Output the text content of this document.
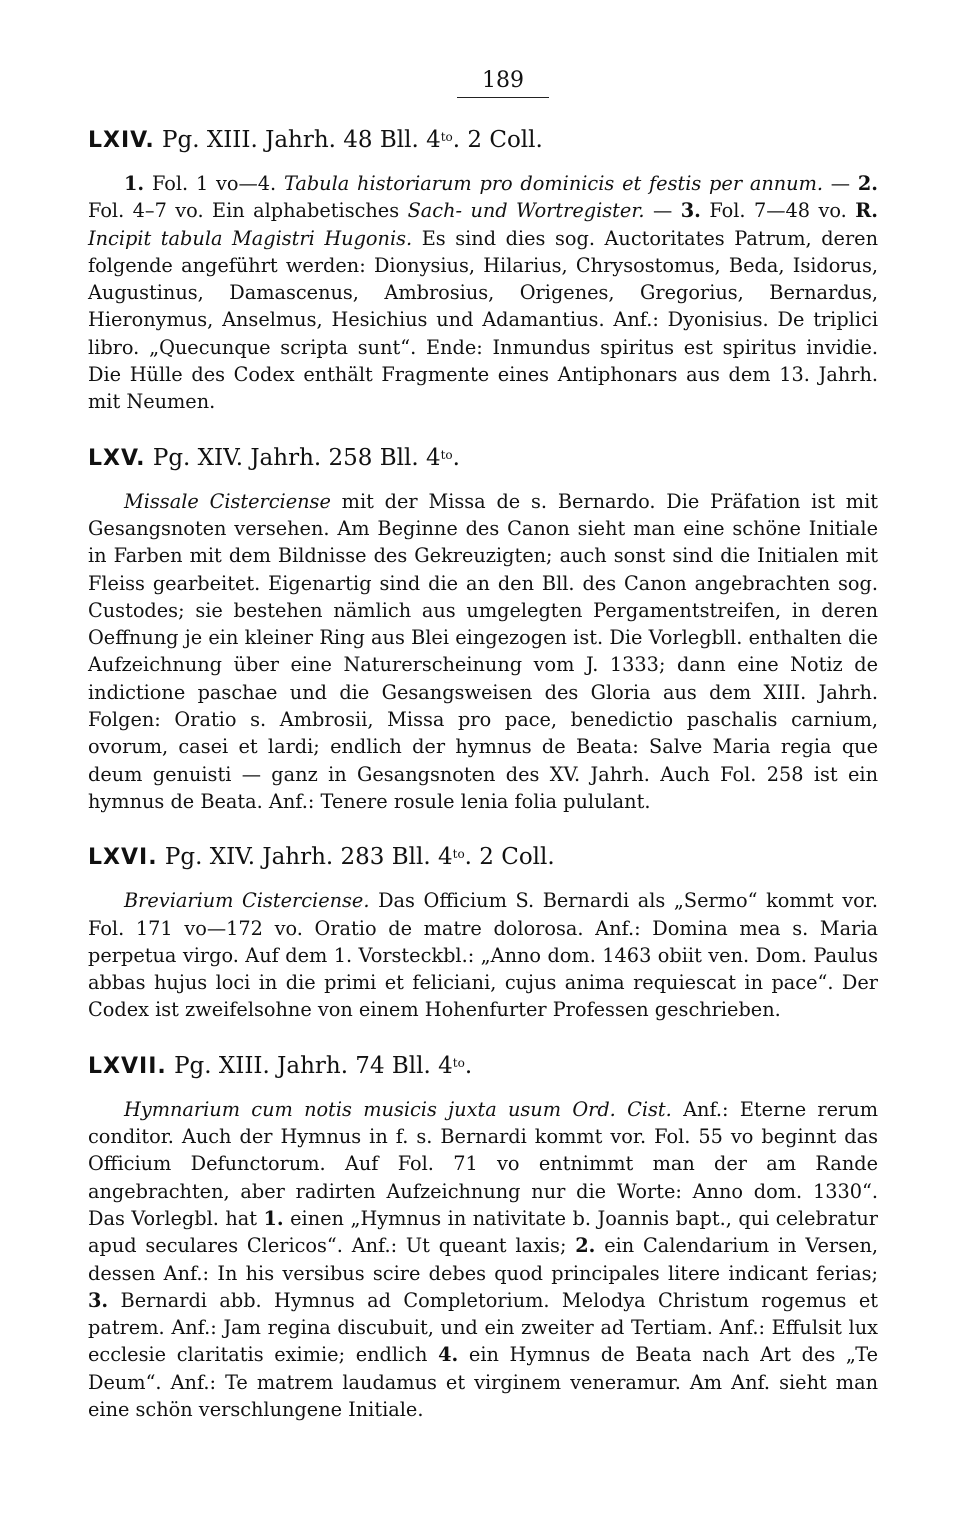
189
LXIV. Pg. XIII. Jahrh. 48 Bll. $4^{to}$. 2 Coll.

1. Fol. 1 vo—4. Tabula historiarum pro dominicis et festis per annum. — 2. Fol. 4–7 vo. Ein alphabetisches Sach- und Wortregister. — 3. Fol. 7—48 vo. R. Incipit tabula Magistri Hugonis. Es sind dies sog. Auctoritates Patrum, deren folgende angeführt werden: Dionysius, Hilarius, Chrysostomus, Beda, Isidorus, Augustinus, Damascenus, Ambrosius, Origenes, Gregorius, Bernardus, Hieronymus, Anselmus, Hesichius und Adamantius. Anf.: Dyonisius. De triplici libro. „Quecunque scripta sunt“. Ende: Inmundus spiritus est spiritus invidie. Die Hülle des Codex enthält Fragmente eines Antiphonars aus dem 13. Jahrh. mit Neumen.

LXV. Pg. XIV. Jahrh. 258 Bll. $4^{to}$.

Missale Cisterciense mit der Missa de s. Bernardo. Die Präfation ist mit Gesangsnoten versehen. Am Beginne des Canon sieht man eine schöne Initiale in Farben mit dem Bildnisse des Gekreuzigten; auch sonst sind die Initialen mit Fleiss gearbeitet. Eigenartig sind die an den Bll. des Canon angebrachten sog. Custodes; sie bestehen nämlich aus umgelegten Pergamentstreifen, in deren Oeffnung je ein kleiner Ring aus Blei eingezogen ist. Die Vorlegbll. enthalten die Aufzeichnung über eine Naturerscheinung vom J. 1333; dann eine Notiz de indictione paschae und die Gesangsweisen des Gloria aus dem XIII. Jahrh. Folgen: Oratio s. Ambrosii, Missa pro pace, benedictio paschalis carnium, ovorum, casei et lardi; endlich der hymnus de Beata: Salve Maria regia que deum genuisti — ganz in Gesangsnoten des XV. Jahrh. Auch Fol. 258 ist ein hymnus de Beata. Anf.: Tenere rosule lenia folia pululant.

LXVI. Pg. XIV. Jahrh. 283 Bll. $4^{to}$. 2 Coll.

Breviarium Cisterciense. Das Officium S. Bernardi als „Sermo“ kommt vor. Fol. 171 vo—172 vo. Oratio de matre dolorosa. Anf.: Domina mea s. Maria perpetua virgo. Auf dem 1. Vorsteckbl.: „Anno dom. 1463 obiit ven. Dom. Paulus abbas hujus loci in die primi et feliciani, cujus anima requiescat in pace“. Der Codex ist zweifelsohne von einem Hohenfurter Professen geschrieben.

LXVII. Pg. XIII. Jahrh. 74 Bll. $4^{to}$.

Hymnarium cum notis musicis juxta usum Ord. Cist. Anf.: Eterne rerum conditor. Auch der Hymnus in f. s. Bernardi kommt vor. Fol. 55 vo beginnt das Officium Defunctorum. Auf Fol. 71 vo entnimmt man der am Rande angebrachten, aber radirten Aufzeichnung nur die Worte: Anno dom. 1330“. Das Vorlegbl. hat 1. einen „Hymnus in nativitate b. Joannis bapt., qui celebratur apud seculares Clericos“. Anf.: Ut queant laxis; 2. ein Calendarium in Versen, dessen Anf.: In his versibus scire debes quod principales litere indicant ferias; 3. Bernardi abb. Hymnus ad Completorium. Melodya Christum rogemus et patrem. Anf.: Jam regina discubuit, und ein zweiter ad Tertiam. Anf.: Effulsit lux ecclesie claritatis eximie; endlich 4. ein Hymnus de Beata nach Art des „Te Deum“. Anf.: Te matrem laudamus et virginem veneramur. Am Anf. sieht man eine schön verschlungene Initiale.
